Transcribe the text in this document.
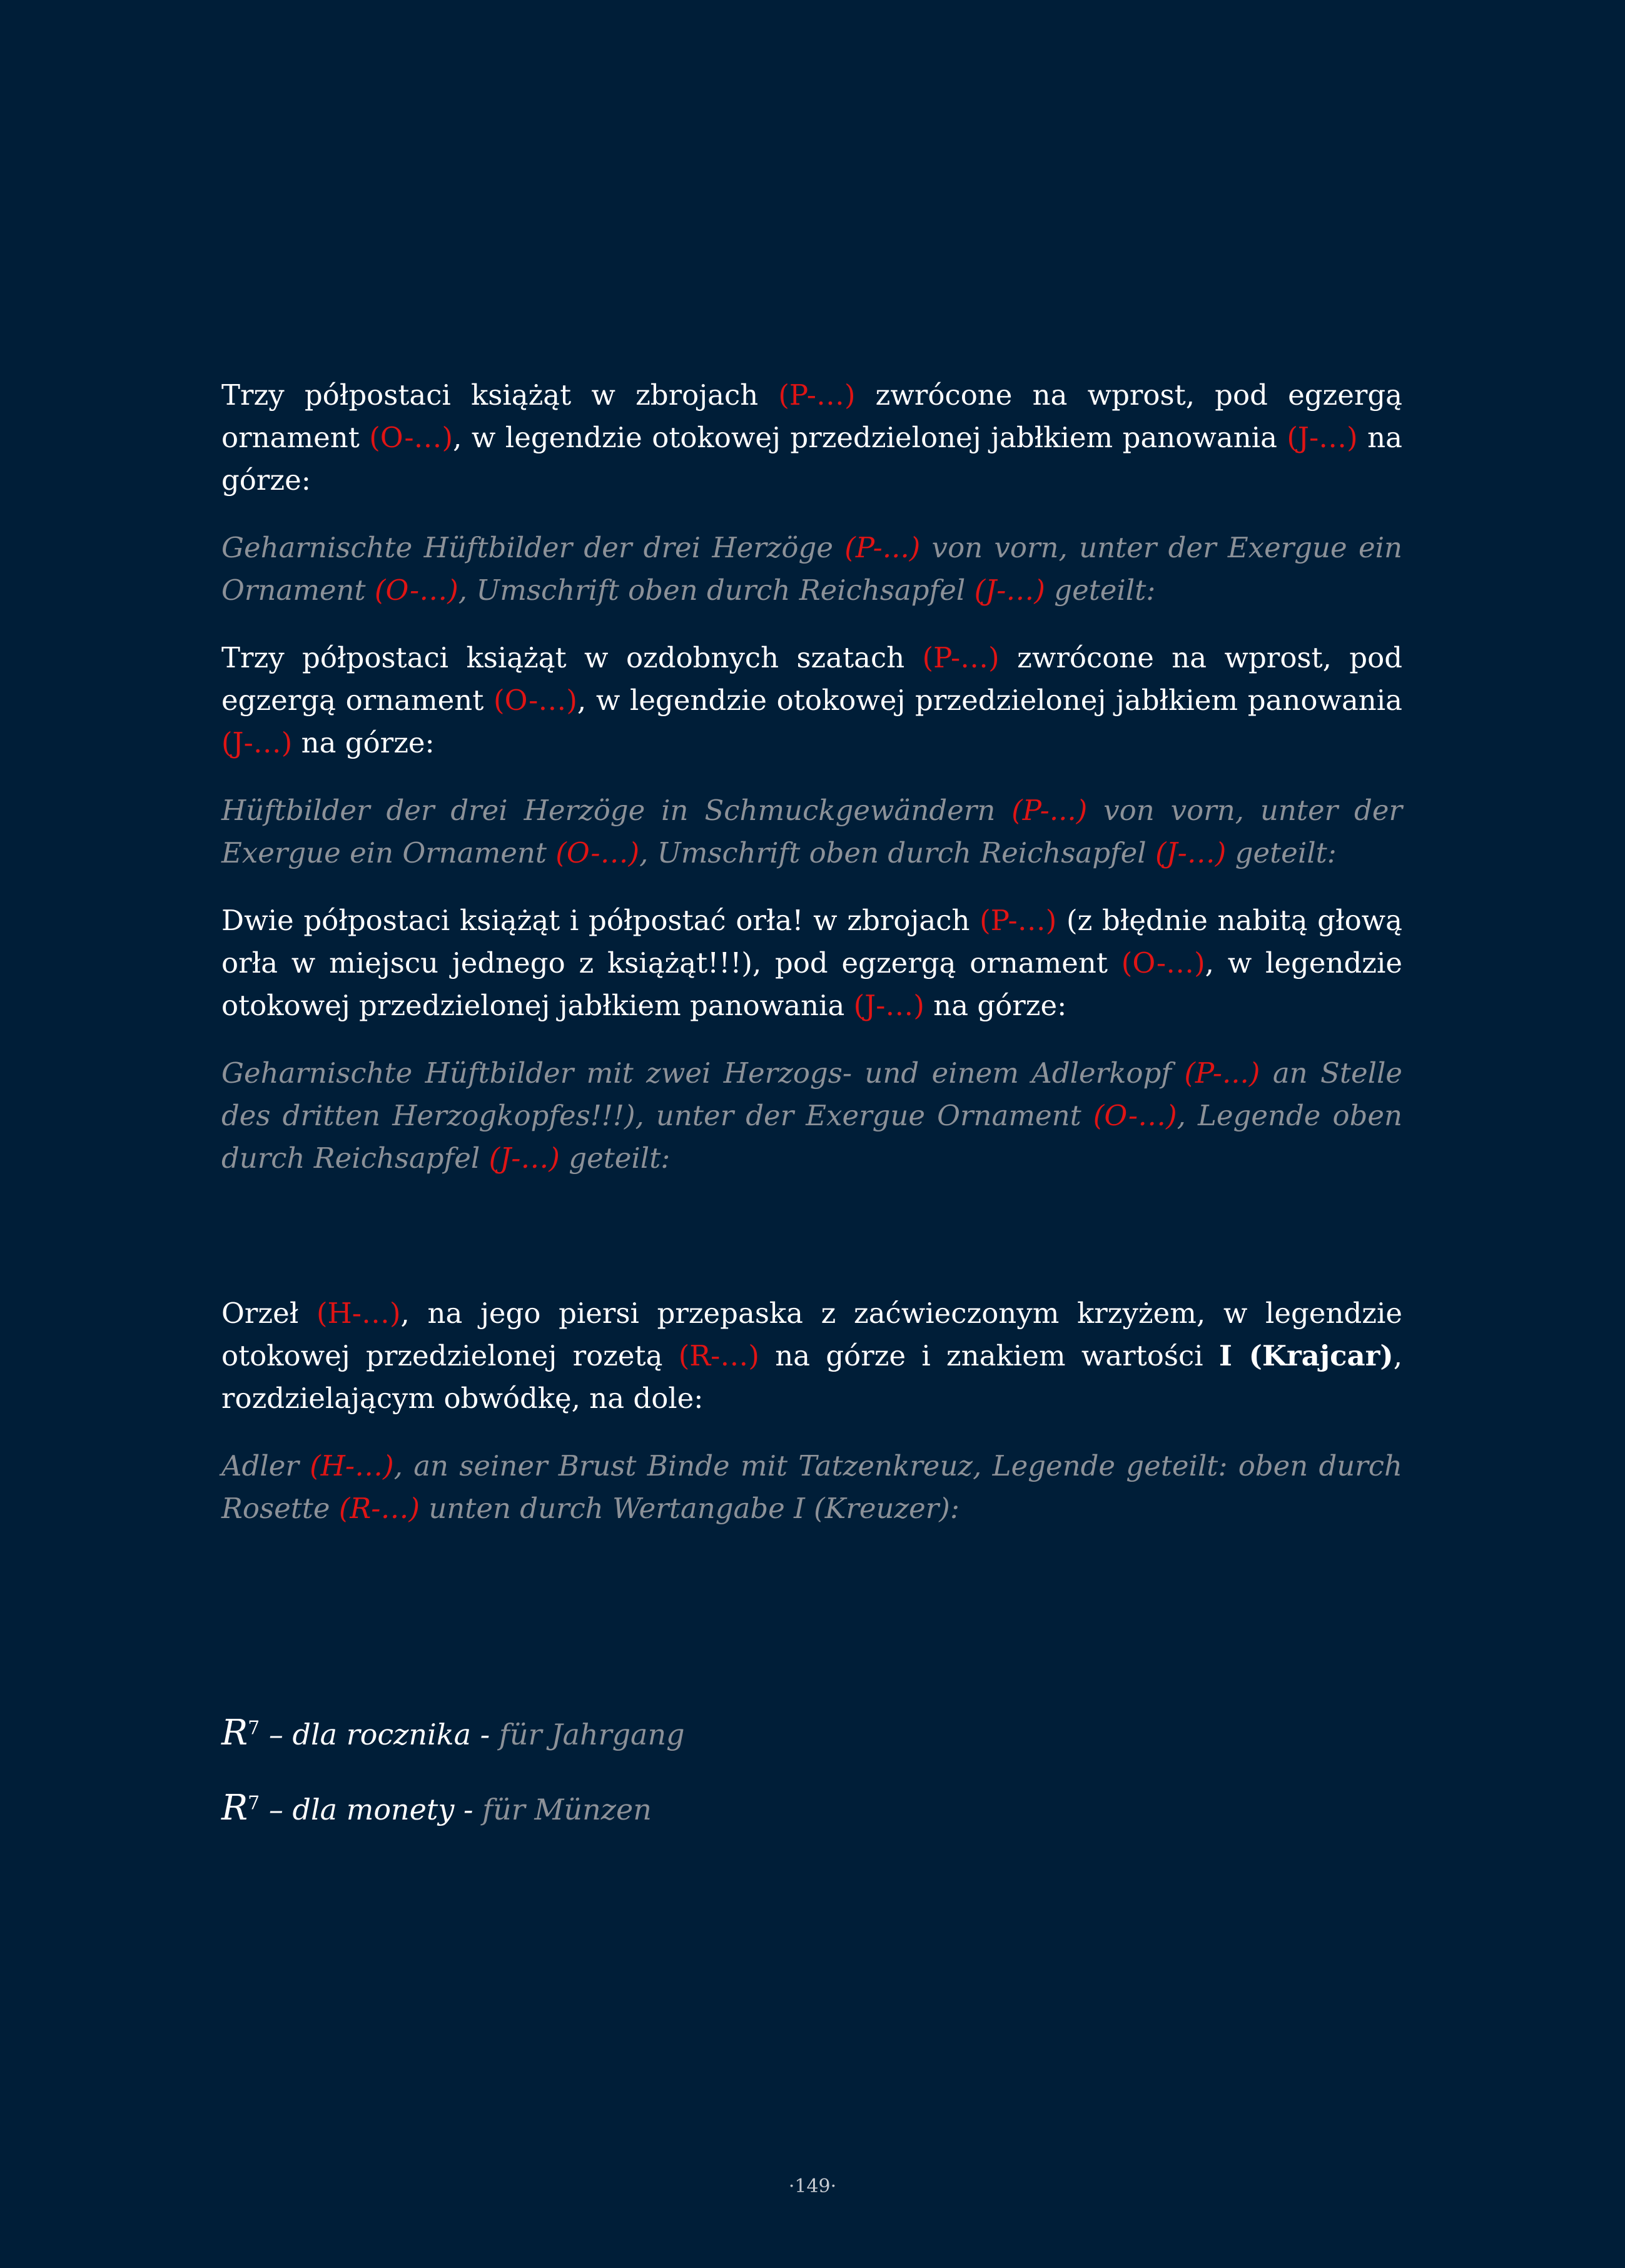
Trzy półpostaci książąt w zbrojach (P-…) zwrócone na wprost, pod egzergą ornament (O-…), w legendzie otokowej przedzielonej jabłkiem panowania (J-…) na górze:

Geharnischte Hüftbilder der drei Herzöge (P-...) von vorn, unter der Exergue ein Ornament (O-…), Umschrift oben durch Reichsapfel (J-…) geteilt:

Trzy półpostaci książąt w ozdobnych szatach (P-…) zwrócone na wprost, pod egzergą ornament (O-…), w legendzie otokowej przedzielonej jabłkiem panowania (J-…) na górze:

Hüftbilder der drei Herzöge in Schmuckgewändern (P-...) von vorn, unter der Exergue ein Ornament (O-…), Umschrift oben durch Reichsapfel (J-…) geteilt:

Dwie półpostaci książąt i półpostać orła! w zbrojach (P-…) (z błędnie nabitą głową orła w miejscu jednego z książąt!!!), pod egzergą ornament (O-…), w legendzie otokowej przedzielonej jabłkiem panowania (J-…) na górze:

Geharnischte Hüftbilder mit zwei Herzogs- und einem Adlerkopf (P-...) an Stelle des dritten Herzogkopfes!!!), unter der Exergue Ornament (O-…), Legende oben durch Reichsapfel (J-…) geteilt:

Orzeł (H-…), na jego piersi przepaska z zaćwieczonym krzyżem, w legendzie otokowej przedzielonej rozetą (R-…) na górze i znakiem wartości I (Krajcar), rozdzielającym obwódkę, na dole:

Adler (H-…), an seiner Brust Binde mit Tatzenkreuz, Legende geteilt: oben durch Rosette (R-…) unten durch Wertangabe I (Kreuzer):

$R^7$ – dla rocznika - für Jahrgang

$R^7$ – dla monety - für Münzen

·149·
